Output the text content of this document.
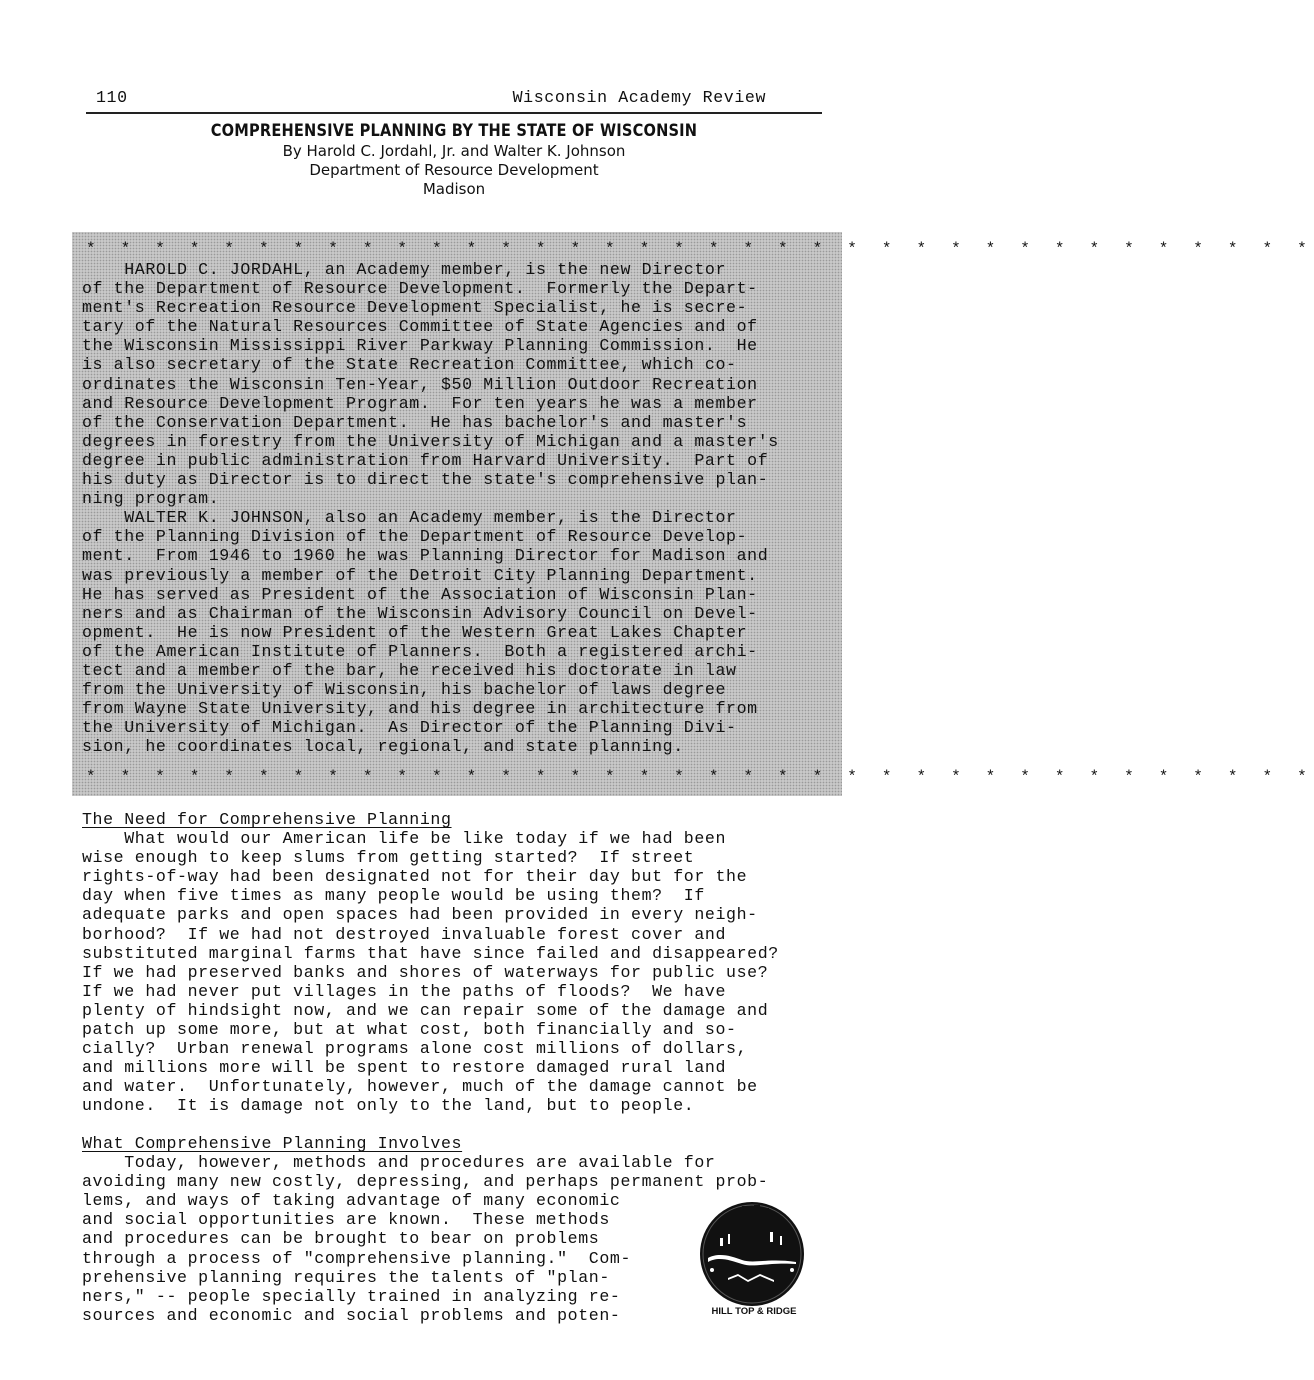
110	Wisconsin Academy Review

COMPREHENSIVE PLANNING BY THE STATE OF WISCONSIN

By Harold C. Jordahl, Jr. and Walter K. Johnson

Department of Resource Development

Madison

* * * * * * * * * * * * * * * * * * * * * * * * * * * * * * * * * * * *
HAROLD C. JORDAHL, an Academy member, is the new Director
of the Department of Resource Development.  Formerly the Depart-
ment's Recreation Resource Development Specialist, he is secre-
tary of the Natural Resources Committee of State Agencies and of
the Wisconsin Mississippi River Parkway Planning Commission.  He
is also secretary of the State Recreation Committee, which co-
ordinates the Wisconsin Ten-Year, $50 Million Outdoor Recreation
and Resource Development Program.  For ten years he was a member
of the Conservation Department.  He has bachelor's and master's
degrees in forestry from the University of Michigan and a master's
degree in public administration from Harvard University.  Part of
his duty as Director is to direct the state's comprehensive plan-
ning program.
WALTER K. JOHNSON, also an Academy member, is the Director
of the Planning Division of the Department of Resource Develop-
ment.  From 1946 to 1960 he was Planning Director for Madison and
was previously a member of the Detroit City Planning Department.
He has served as President of the Association of Wisconsin Plan-
ners and as Chairman of the Wisconsin Advisory Council on Devel-
opment.  He is now President of the Western Great Lakes Chapter
of the American Institute of Planners.  Both a registered archi-
tect and a member of the bar, he received his doctorate in law
from the University of Wisconsin, his bachelor of laws degree
from Wayne State University, and his degree in architecture from
the University of Michigan.  As Director of the Planning Divi-
sion, he coordinates local, regional, and state planning.
* * * * * * * * * * * * * * * * * * * * * * * * * * * * * * * * * * * *
The Need for Comprehensive Planning
What would our American life be like today if we had been
wise enough to keep slums from getting started?  If street
rights-of-way had been designated not for their day but for the
day when five times as many people would be using them?  If
adequate parks and open spaces had been provided in every neigh-
borhood?  If we had not destroyed invaluable forest cover and
substituted marginal farms that have since failed and disappeared?
If we had preserved banks and shores of waterways for public use?
If we had never put villages in the paths of floods?  We have
plenty of hindsight now, and we can repair some of the damage and
patch up some more, but at what cost, both financially and so-
cially?  Urban renewal programs alone cost millions of dollars,
and millions more will be spent to restore damaged rural land
and water.  Unfortunately, however, much of the damage cannot be
undone.  It is damage not only to the land, but to people.
What Comprehensive Planning Involves
Today, however, methods and procedures are available for
avoiding many new costly, depressing, and perhaps permanent prob-
lems, and ways of taking advantage of many economic
and social opportunities are known.  These methods
and procedures can be brought to bear on problems
through a process of "comprehensive planning."  Com-
prehensive planning requires the talents of "plan-
ners," -- people specially trained in analyzing re-
sources and economic and social problems and poten-	HILL TOP & RIDGE
